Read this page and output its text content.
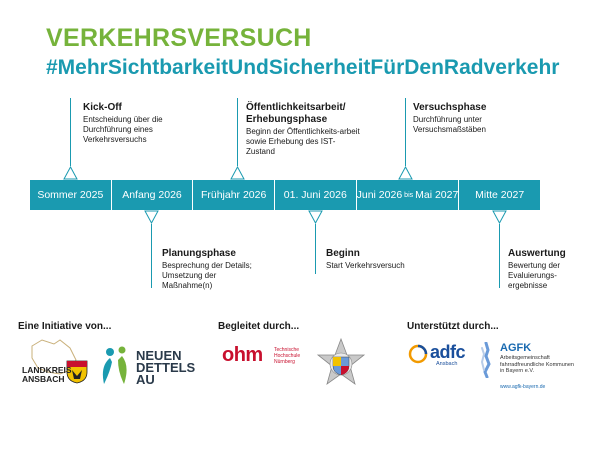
VERKEHRSVERSUCH
#MehrSichtbarkeitUndSicherheitFürDenRadverkehr
Kick-Off
Entscheidung über die Durchführung eines Verkehrsversuchs
Öffentlichkeitsarbeit/ Erhebungsphase
Beginn der Öffentlichkeits-arbeit sowie Erhebung des IST-Zustand
Versuchsphase
Durchführung unter Versuchsmaßstäben
Sommer 2025 Anfang 2026 Frühjahr 2026 01. Juni 2026 Juni 2026 bis Mai 2027 Mitte 2027
Planungsphase
Besprechung der Details; Umsetzung der Maßnahme(n)
Beginn
Start Verkehrsversuch
Auswertung
Bewertung der Evaluierungs-ergebnisse
Eine Initiative von...	Begleitet durch...	Unterstützt durch...
LANDKREIS
ANSBACH
NEUEN
DETTELS
AU
ohm Technische
Hochschule
Nürnberg	adfc
Ansbach
AGFK
Arbeitsgemeinschaft
fahrradfreundliche Kommunen
in Bayern e.V.
www.agfk-bayern.de
